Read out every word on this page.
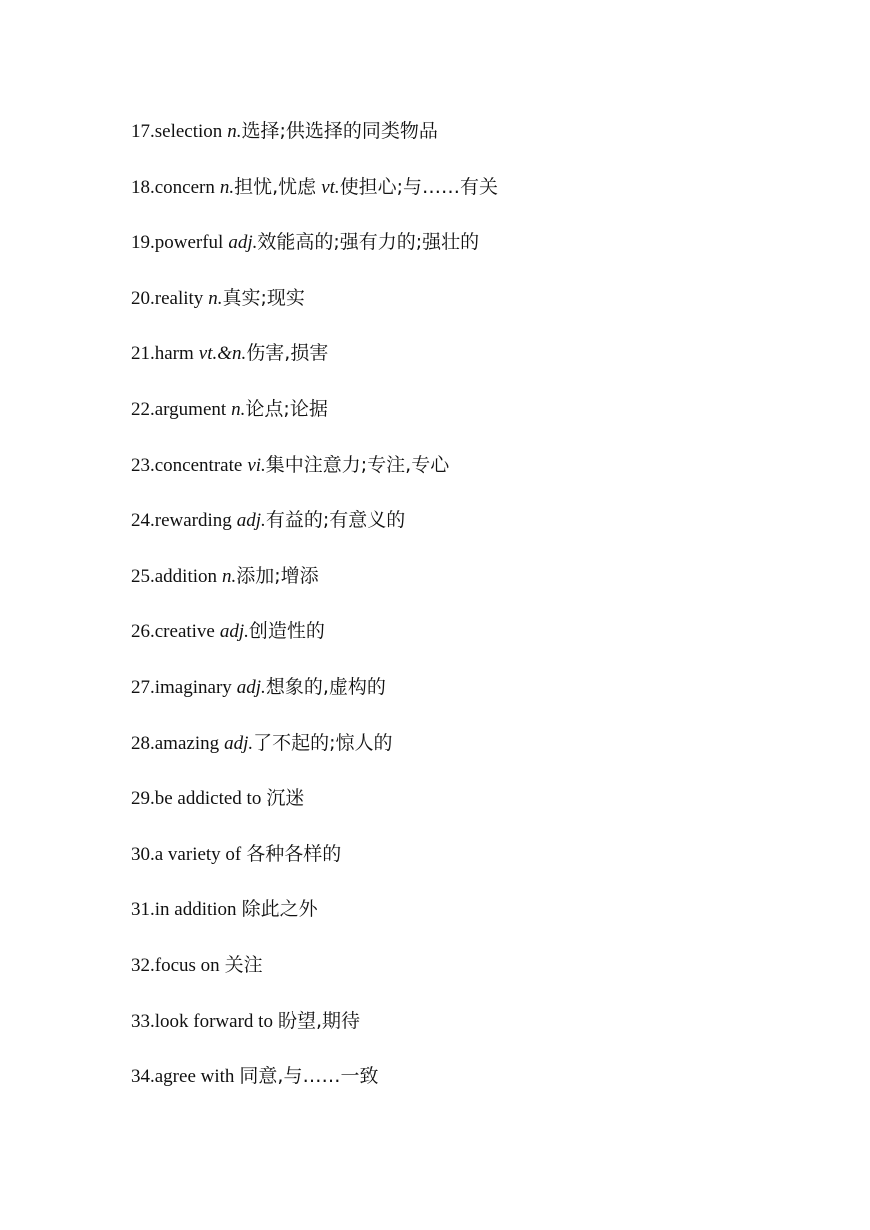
17. selection n. 选择;供选择的同类物品
18. concern n. 担忧,忧虑 vt. 使担心;与……有关
19. powerful adj. 效能高的;强有力的;强壮的
20. reality n. 真实;现实
21. harm vt.&n. 伤害,损害
22. argument n. 论点;论据
23. concentrate vi. 集中注意力;专注,专心
24. rewarding adj. 有益的;有意义的
25. addition n. 添加;增添
26. creative adj. 创造性的
27. imaginary adj. 想象的,虚构的
28. amazing adj. 了不起的;惊人的
29. be addicted to 沉迷
30. a variety of 各种各样的
31. in addition 除此之外
32. focus on 关注
33. look forward to 盼望,期待
34. agree with 同意,与……一致
